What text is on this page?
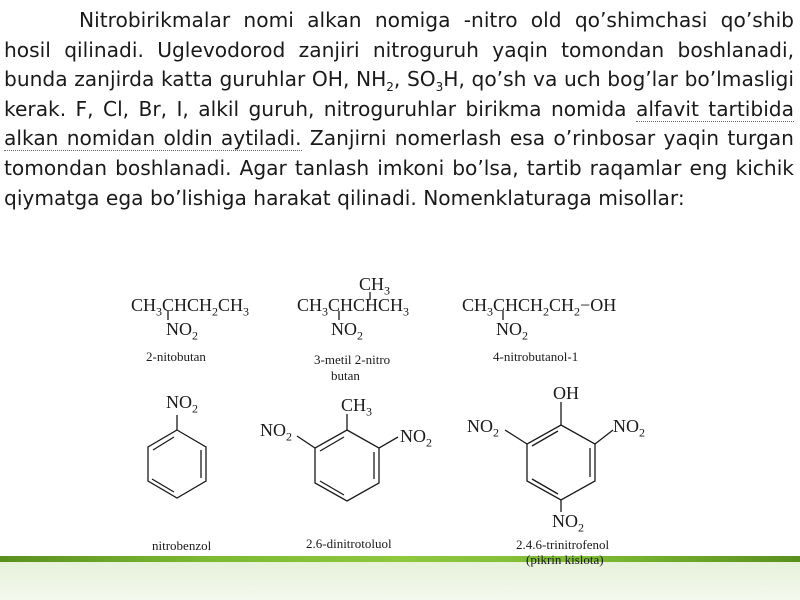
Nitrobirikmalar nomi alkan nomiga -nitro old qo’shimchasi qo’shib hosil qilinadi. Uglevodorod zanjiri nitroguruh yaqin tomondan boshlanadi, bunda zanjirda katta guruhlar OH, $NH_2$, $SO_3H$, qo’sh va uch bog’lar bo’lmasligi kerak. F, Cl, Br, I, alkil guruh, nitroguruhlar birikma nomida alfavit tartibida alkan nomidan oldin aytiladi. Zanjirni nomerlash esa o’rinbosar yaqin turgan tomondan boshlanadi. Agar tanlash imkoni bo’lsa, tartib raqamlar eng kichik qiymatga ega bo’lishiga harakat qilinadi. Nomenklaturaga misollar:

$CH_3CHCH_2CH_3$
$NO_2$
2-nitobutan
$CH_3$
$CH_3CHCHCH_3$
$NO_2$
3-metil 2-nitro
butan
$CH_3CHCH_2CH_2-OH$
$NO_2$
4-nitrobutanol-1
$NO_2$
nitrobenzol
$CH_3$
$NO_2$	$NO_2$
2.6-dinitrotoluol
OH
$NO_2$	$NO_2$
$NO_2$
2.4.6-trinitrofenol
(pikrin kislota)
